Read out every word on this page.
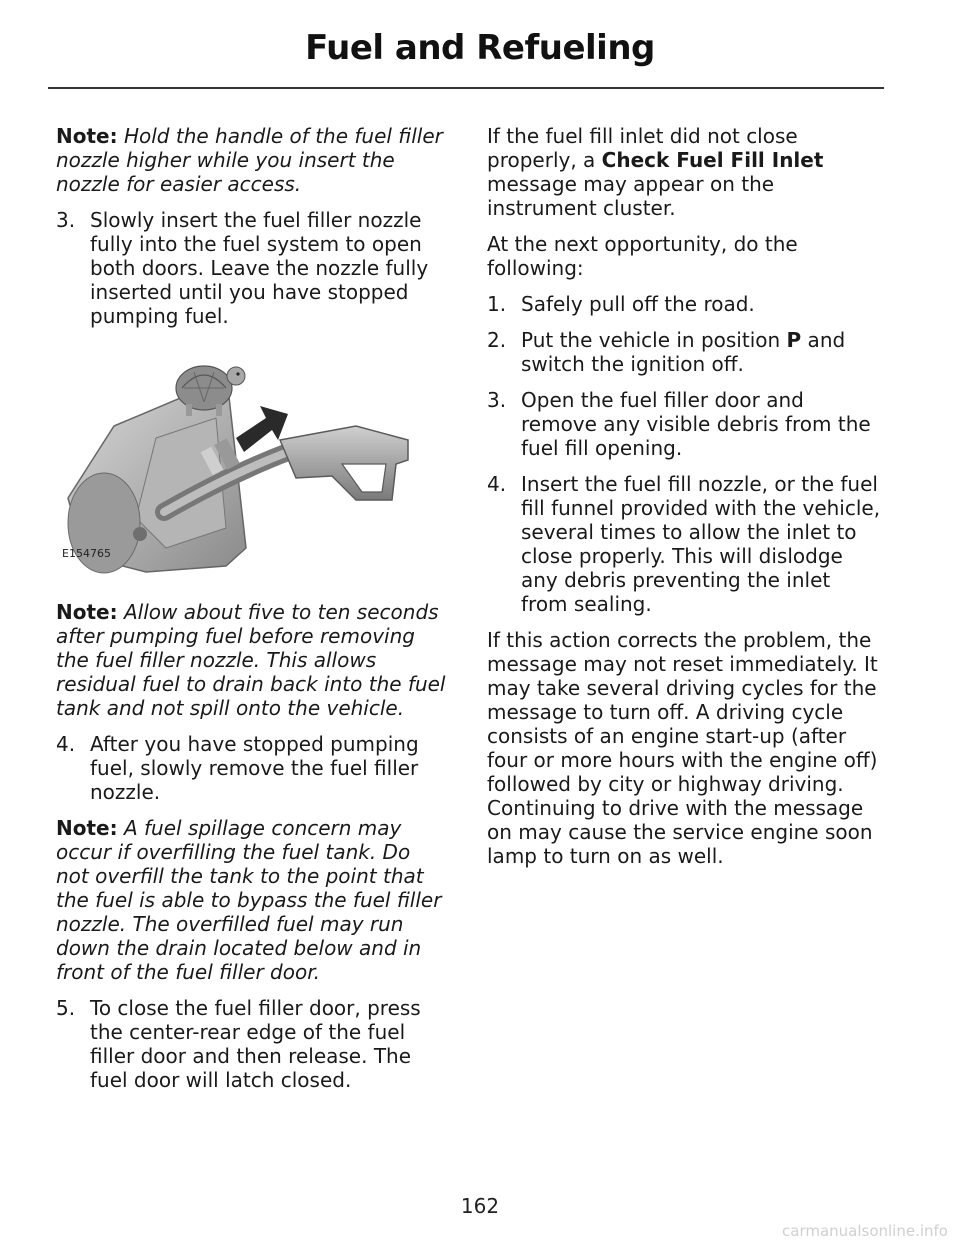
Fuel and Refueling

Note: Hold the handle of the fuel filler nozzle higher while you insert the nozzle for easier access.

3. Slowly insert the fuel filler nozzle fully into the fuel system to open both doors. Leave the nozzle fully inserted until you have stopped pumping fuel.
E154765

Note: Allow about five to ten seconds after pumping fuel before removing the fuel filler nozzle. This allows residual fuel to drain back into the fuel tank and not spill onto the vehicle.

4. After you have stopped pumping fuel, slowly remove the fuel filler nozzle.

Note: A fuel spillage concern may occur if overfilling the fuel tank. Do not overfill the tank to the point that the fuel is able to bypass the fuel filler nozzle. The overfilled fuel may run down the drain located below and in front of the fuel filler door.

5. To close the fuel filler door, press the center-rear edge of the fuel filler door and then release. The fuel door will latch closed.

If the fuel fill inlet did not close properly, a Check Fuel Fill Inlet message may appear on the instrument cluster.

At the next opportunity, do the following:

1. Safely pull off the road.
2. Put the vehicle in position P and switch the ignition off.
3. Open the fuel filler door and remove any visible debris from the fuel fill opening.
4. Insert the fuel fill nozzle, or the fuel fill funnel provided with the vehicle, several times to allow the inlet to close properly. This will dislodge any debris preventing the inlet from sealing.

If this action corrects the problem, the message may not reset immediately. It may take several driving cycles for the message to turn off. A driving cycle consists of an engine start-up (after four or more hours with the engine off) followed by city or highway driving. Continuing to drive with the message on may cause the service engine soon lamp to turn on as well.

162
carmanualsonline.info
